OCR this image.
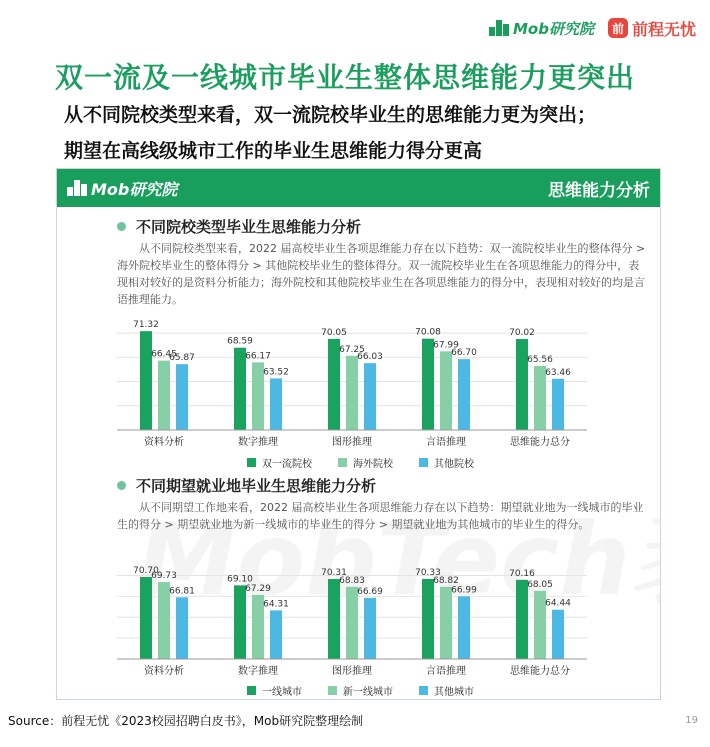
Mob研究院	前 前程无忧
双一流及一线城市毕业生整体思维能力更突出
从不同院校类型来看，双一流院校毕业生的思维能力更为突出；
期望在高线级城市工作的毕业生思维能力得分更高
Mob研究院	思维能力分析
不同院校类型毕业生思维能力分析
从不同院校类型来看，2022 届高校毕业生各项思维能力存在以下趋势：双一流院校毕业生的整体得分 > 海外院校毕业生的整体得分 > 其他院校毕业生的整体得分。双一流院校毕业生在各项思维能力的得分中，表现相对较好的是资料分析能力；海外院校和其他院校毕业生在各项思维能力的得分中，表现相对较好的均是言语推理能力。
71.32
66.45
65.87
资料分析
68.59
66.17
63.52
数字推理
70.05
67.25
66.03
图形推理
70.08
67.99
66.70
言语推理
70.02
65.56
63.46
思维能力总分
双一流院校	海外院校	其他院校
不同期望就业地毕业生思维能力分析
从不同期望工作地来看，2022 届高校毕业生各项思维能力存在以下趋势：期望就业地为一线城市的毕业生的得分 > 期望就业地为新一线城市的毕业生的得分 > 期望就业地为其他城市的毕业生的得分。
70.70
69.73
66.81
资料分析
69.10
67.29
64.31
数字推理
70.31
68.83
66.69
图形推理
70.33
68.82
66.99
言语推理
70.16
68.05
64.44
思维能力总分
一线城市	新一线城市	其他城市
Source：前程无忧《2023校园招聘白皮书》，Mob研究院整理绘制	19
